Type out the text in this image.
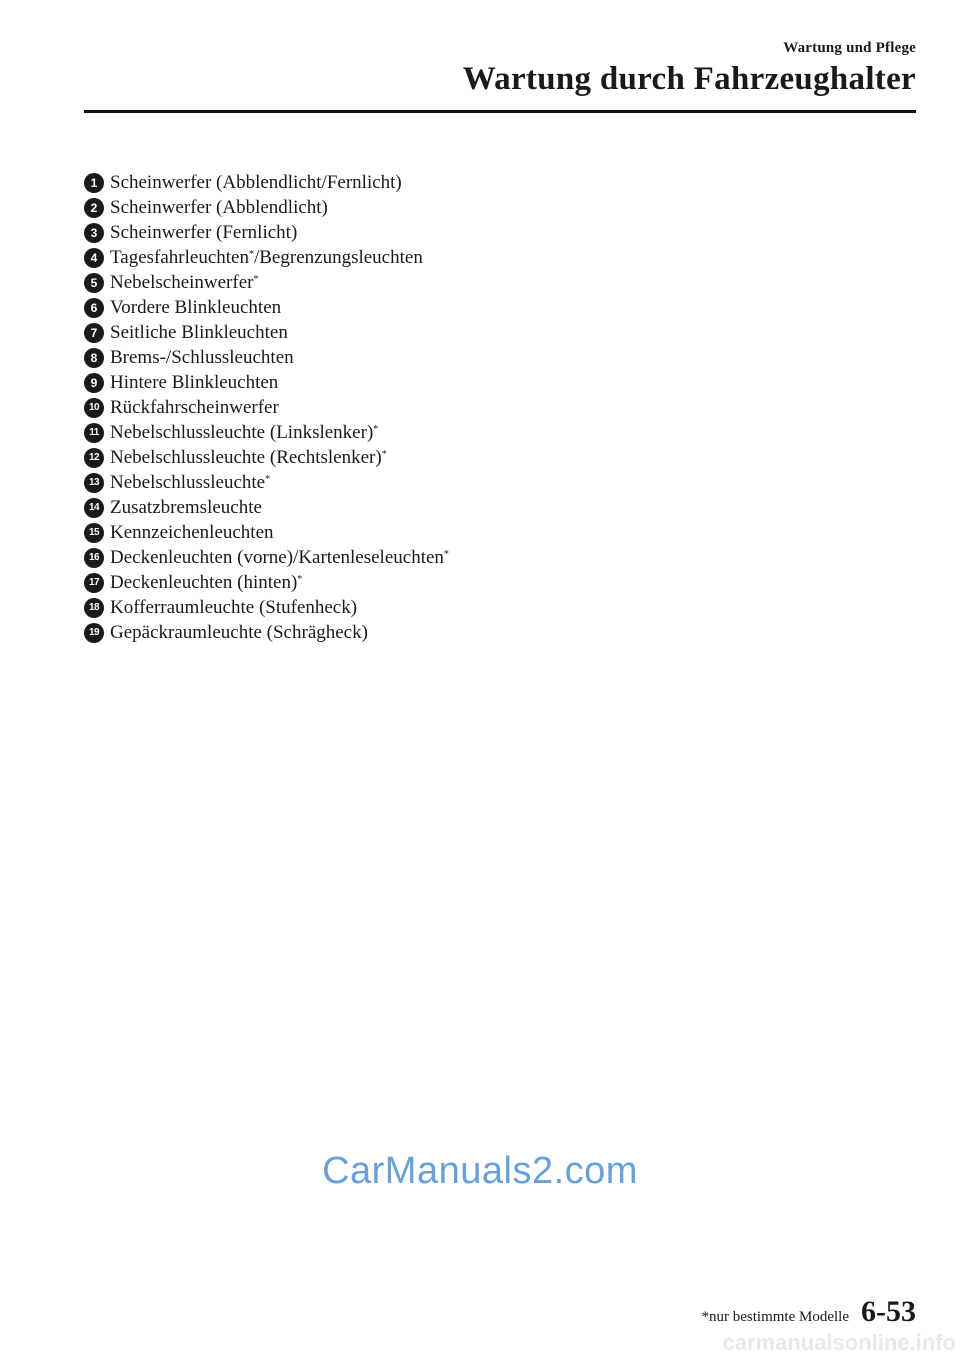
Wartung und Pflege
Wartung durch Fahrzeughalter
1 Scheinwerfer (Abblendlicht/Fernlicht)
2 Scheinwerfer (Abblendlicht)
3 Scheinwerfer (Fernlicht)
4 Tagesfahrleuchten* /Begrenzungsleuchten
5 Nebelscheinwerfer*
6 Vordere Blinkleuchten
7 Seitliche Blinkleuchten
8 Brems-/Schlussleuchten
9 Hintere Blinkleuchten
10 Rückfahrscheinwerfer
11 Nebelschlussleuchte (Linkslenker)*
12 Nebelschlussleuchte (Rechtslenker)*
13 Nebelschlussleuchte*
14 Zusatzbremsleuchte
15 Kennzeichenleuchten
16 Deckenleuchten (vorne)/Kartenleseleuchten*
17 Deckenleuchten (hinten)*
18 Kofferraumleuchte (Stufenheck)
19 Gepäckraumleuchte (Schrägheck)
CarManuals2.com
*nur bestimmte Modelle 6-53
carmanualsonline.info
